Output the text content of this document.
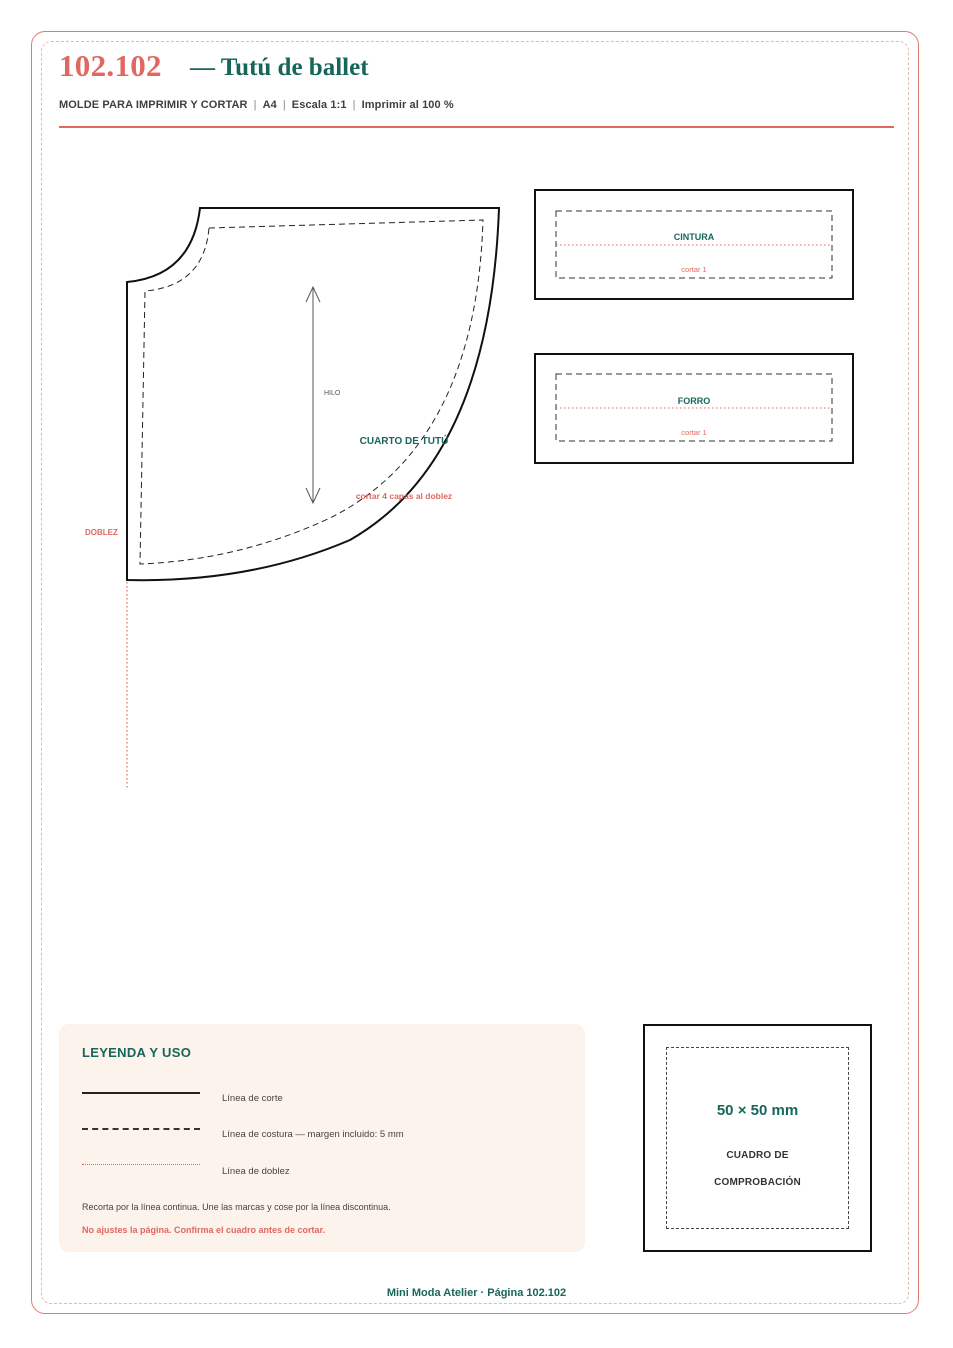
102.102 — Tutú de ballet
MOLDE PARA IMPRIMIR Y CORTAR | A4 | Escala 1:1 | Imprimir al 100 %
DOBLEZ
HILO
CUARTO DE TUTÚ
cortar 4 capas al doblez
CINTURA
cortar 1
FORRO
cortar 1
LEYENDA Y USO
Línea de corte
Línea de costura — margen incluido: 5 mm
Línea de doblez
Recorta por la línea continua. Une las marcas y cose por la línea discontinua.
No ajustes la página. Confirma el cuadro antes de cortar.
50 × 50 mm
CUADRO DE
COMPROBACIÓN
Mini Moda Atelier · Página 102.102
